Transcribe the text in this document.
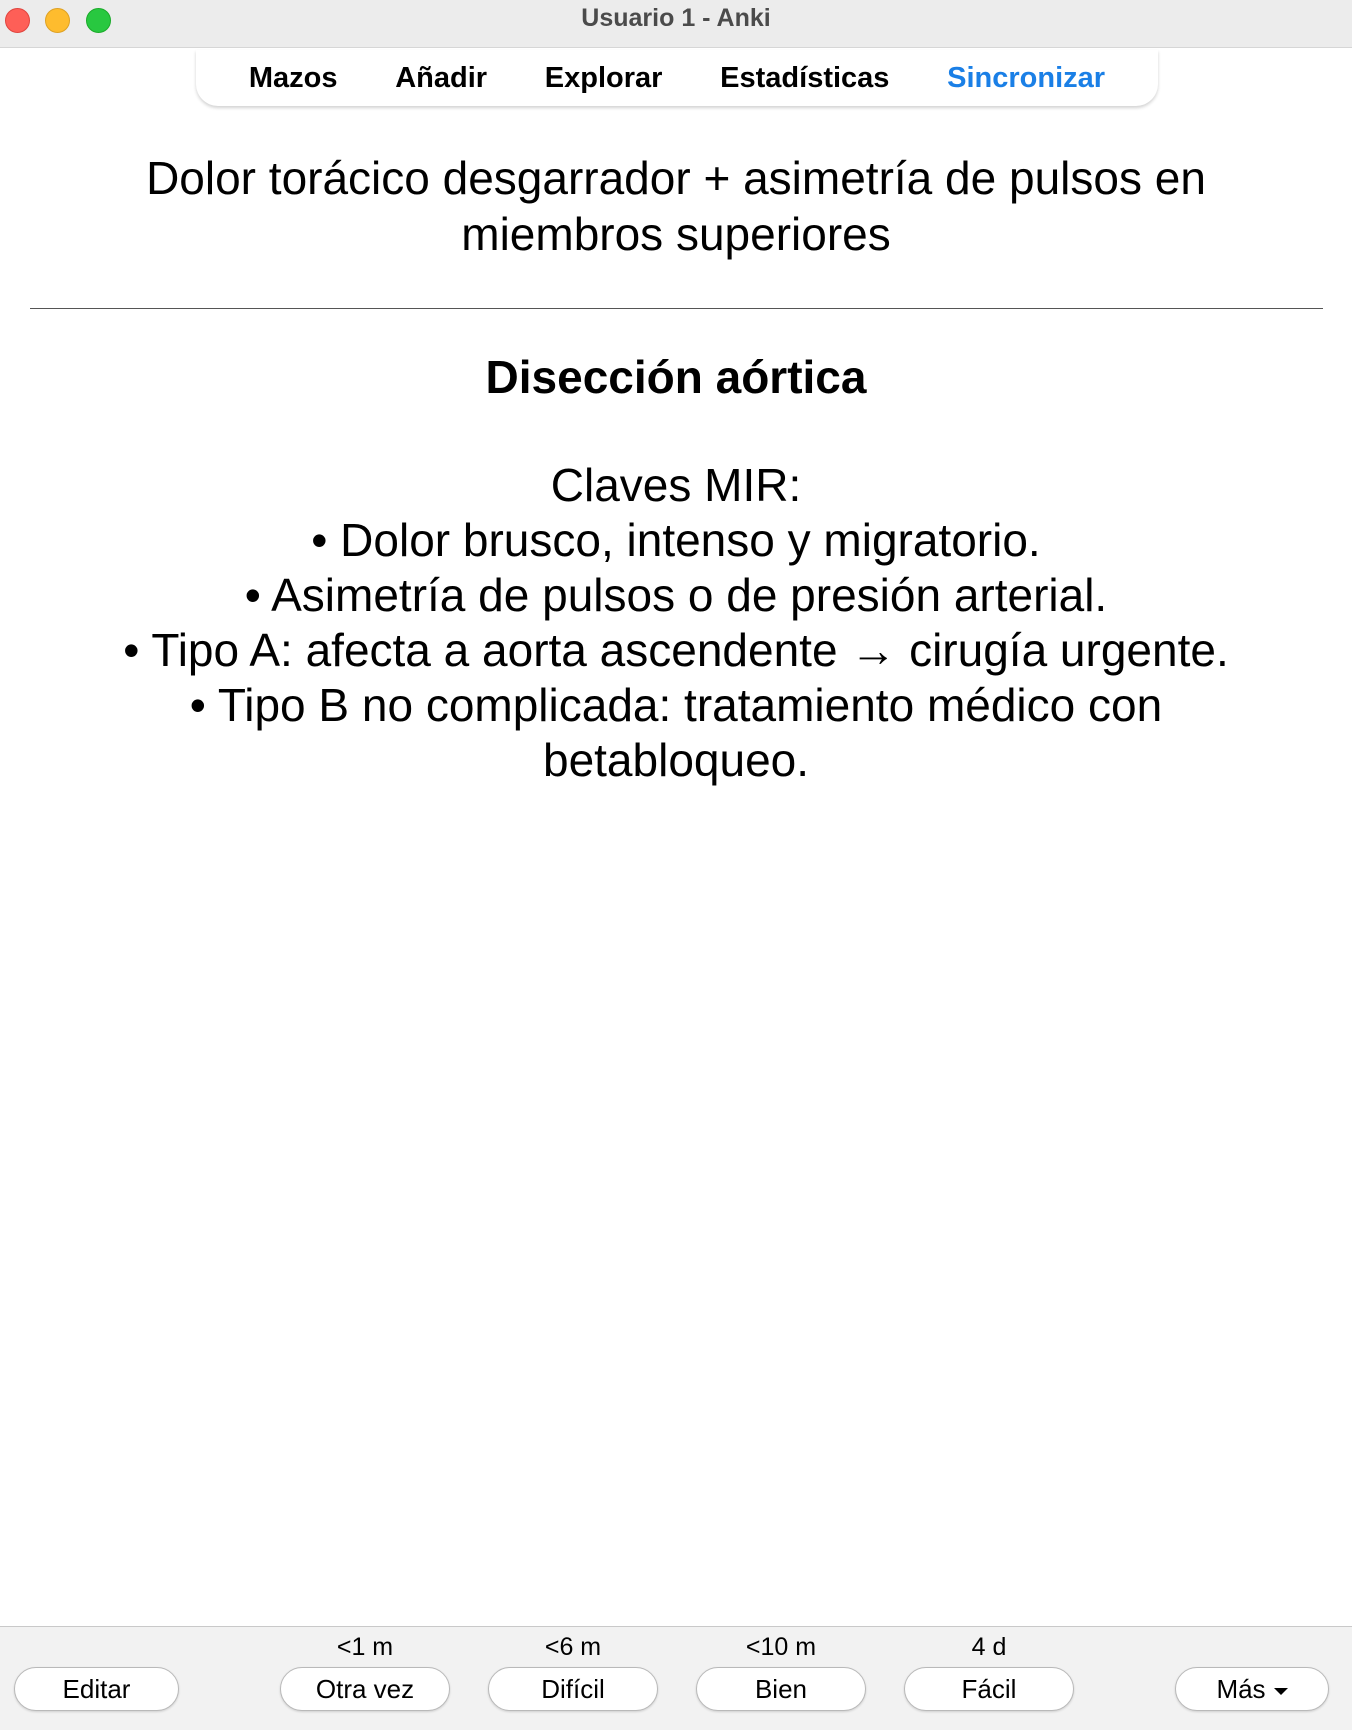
Usuario 1 - Anki
Mazos Añadir Explorar Estadísticas Sincronizar
Dolor torácico desgarrador + asimetría de pulsos en miembros superiores
Disección aórtica
Claves MIR:
• Dolor brusco, intenso y migratorio.
• Asimetría de pulsos o de presión arterial.
• Tipo A: afecta a aorta ascendente → cirugía urgente.
• Tipo B no complicada: tratamiento médico con betabloqueo.
Editar
<1 m
Otra vez
<6 m
Difícil
<10 m
Bien
4 d
Fácil	Más
